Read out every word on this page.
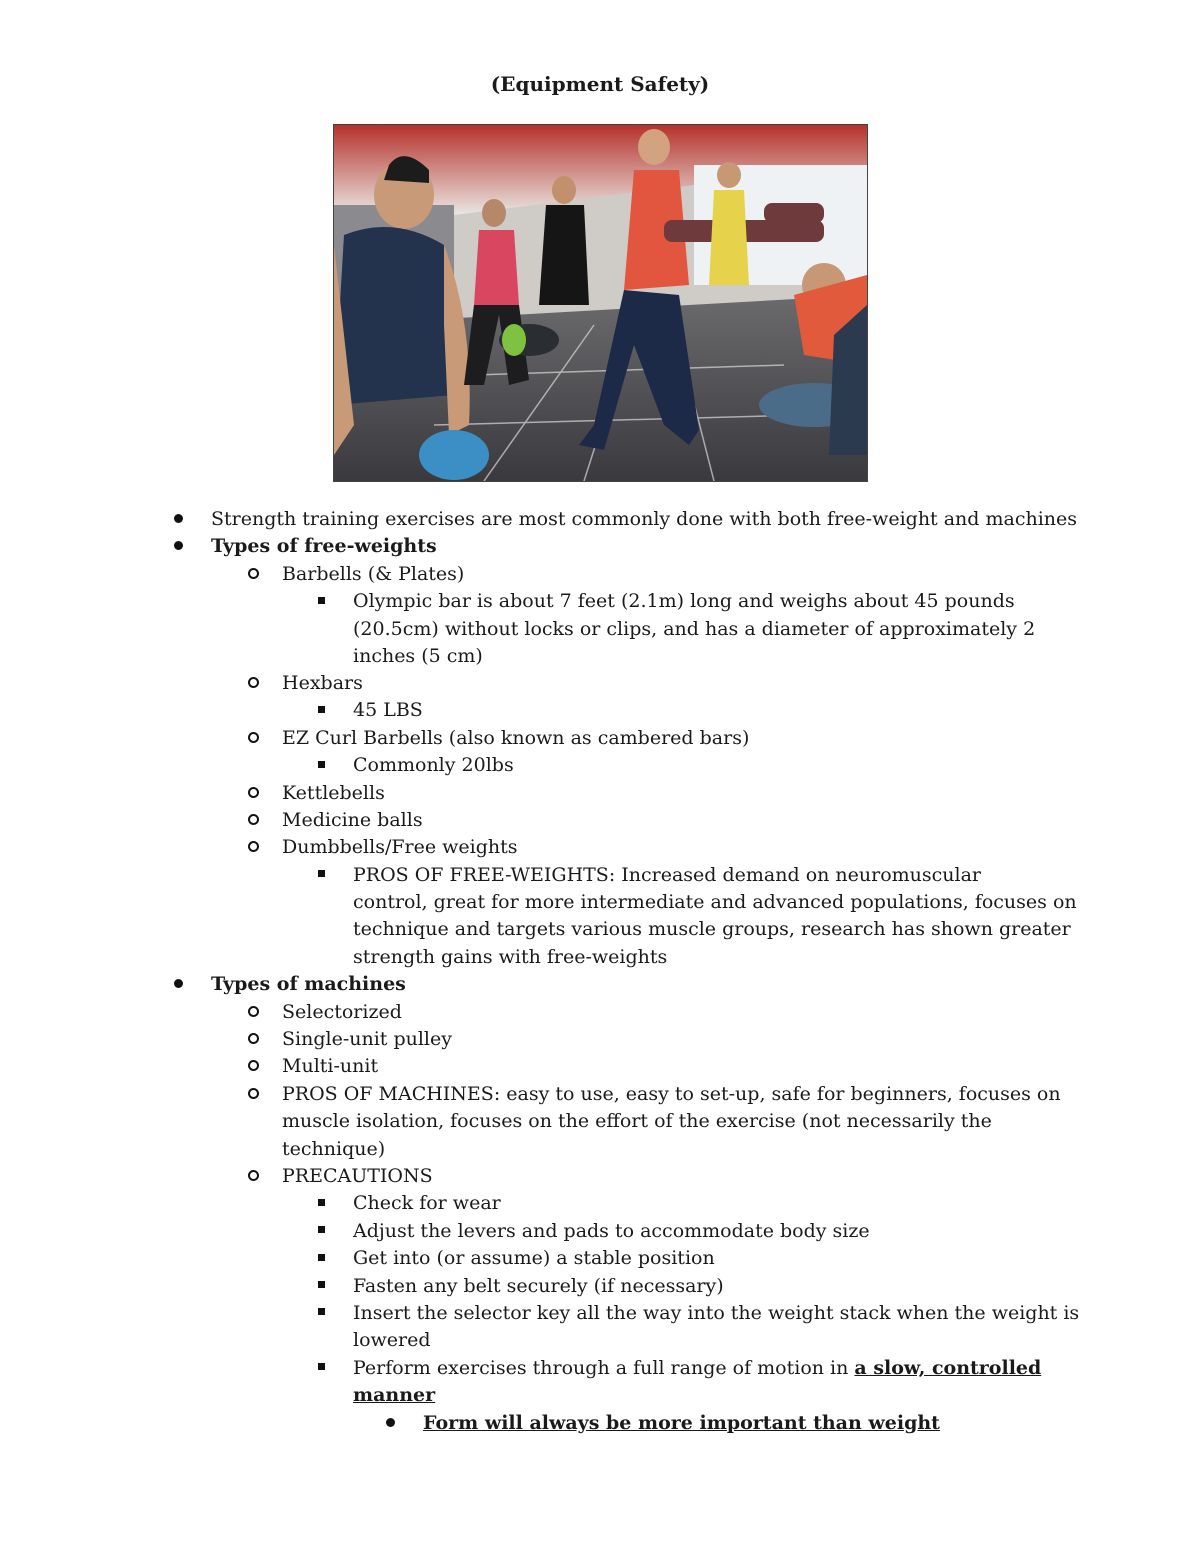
(Equipment Safety)
Strength training exercises are most commonly done with both free-weight and machines
Types of free-weights
Barbells (& Plates)
Olympic bar is about 7 feet (2.1m) long and weighs about 45 pounds
(20.5cm) without locks or clips, and has a diameter of approximately 2
inches (5 cm)
Hexbars
45 LBS
EZ Curl Barbells (also known as cambered bars)
Commonly 20lbs
Kettlebells
Medicine balls
Dumbbells/Free weights
PROS OF FREE-WEIGHTS: Increased demand on neuromuscular
control, great for more intermediate and advanced populations, focuses on
technique and targets various muscle groups, research has shown greater
strength gains with free-weights
Types of machines
Selectorized
Single-unit pulley
Multi-unit
PROS OF MACHINES: easy to use, easy to set-up, safe for beginners, focuses on
muscle isolation, focuses on the effort of the exercise (not necessarily the
technique)
PRECAUTIONS
Check for wear
Adjust the levers and pads to accommodate body size
Get into (or assume) a stable position
Fasten any belt securely (if necessary)
Insert the selector key all the way into the weight stack when the weight is
lowered
Perform exercises through a full range of motion in a slow, controlled
manner
Form will always be more important than weight
